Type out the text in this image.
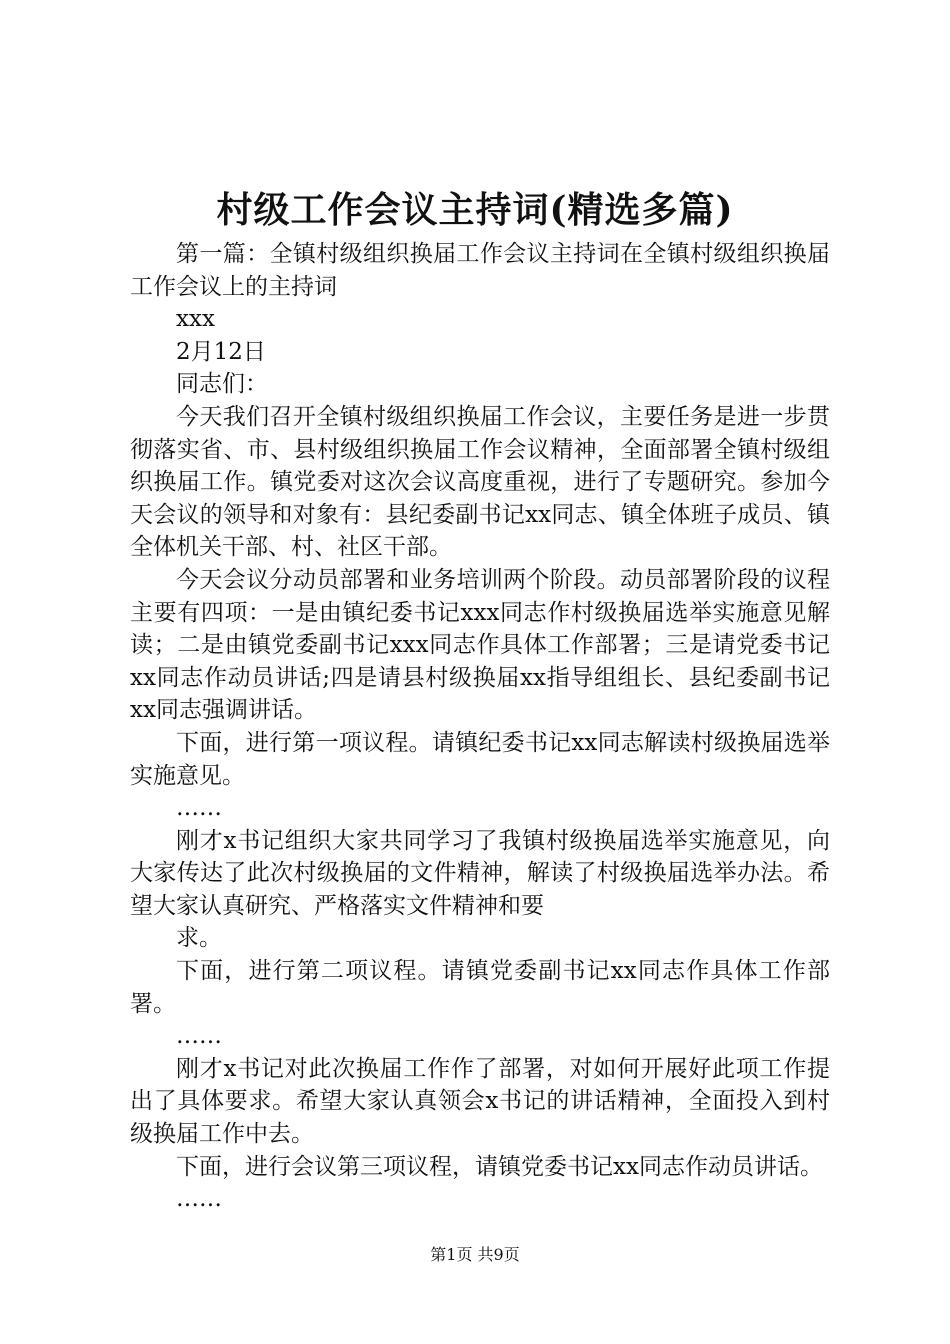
村级工作会议主持词(精选多篇)

第一篇：全镇村级组织换届工作会议主持词在全镇村级组织换届工作会议上的主持词

xxx

2月12日

同志们：

今天我们召开全镇村级组织换届工作会议，主要任务是进一步贯彻落实省、市、县村级组织换届工作会议精神，全面部署全镇村级组织换届工作。镇党委对这次会议高度重视，进行了专题研究。参加今天会议的领导和对象有：县纪委副书记xx同志、镇全体班子成员、镇全体机关干部、村、社区干部。

今天会议分动员部署和业务培训两个阶段。动员部署阶段的议程主要有四项：一是由镇纪委书记xxx同志作村级换届选举实施意见解读；二是由镇党委副书记xxx同志作具体工作部署；三是请党委书记xx同志作动员讲话;四是请县村级换届xx指导组组长、县纪委副书记xx同志强调讲话。

下面，进行第一项议程。请镇纪委书记xx同志解读村级换届选举实施意见。

……

刚才x书记组织大家共同学习了我镇村级换届选举实施意见，向大家传达了此次村级换届的文件精神，解读了村级换届选举办法。希望大家认真研究、严格落实文件精神和要

求。

下面，进行第二项议程。请镇党委副书记xx同志作具体工作部署。

……

刚才x书记对此次换届工作作了部署，对如何开展好此项工作提出了具体要求。希望大家认真领会x书记的讲话精神，全面投入到村级换届工作中去。

下面，进行会议第三项议程，请镇党委书记xx同志作动员讲话。

……

第1页 共9页
